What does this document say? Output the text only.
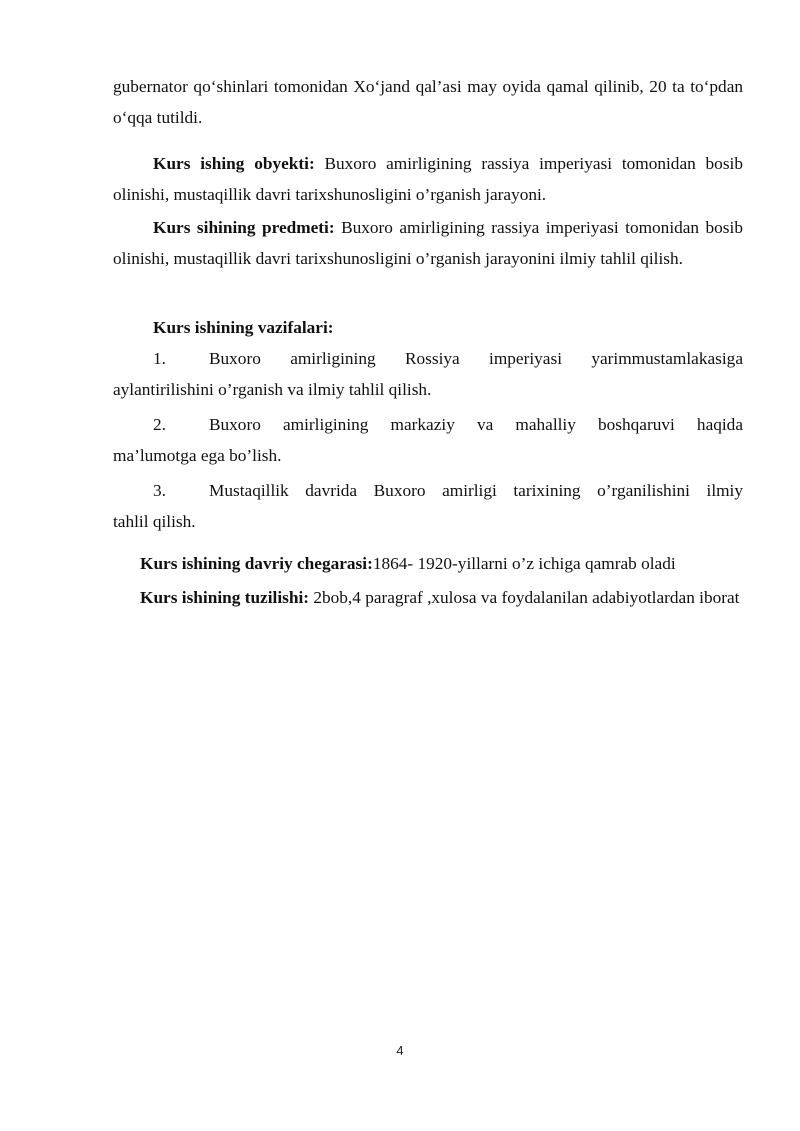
gubernator qo‘shinlari tomonidan Xo‘jand qal’asi may oyida qamal qilinib, 20 ta to‘pdan o‘qqa tutildi.

Kurs ishing obyekti: Buxoro amirligining rassiya imperiyasi tomonidan bosib olinishi, mustaqillik davri tarixshunosligini o’rganish jarayoni.

Kurs sihining predmeti: Buxoro amirligining rassiya imperiyasi tomonidan bosib olinishi, mustaqillik davri tarixshunosligini o’rganish jarayonini ilmiy tahlil qilish.

Kurs ishining vazifalari:

1.	Buxoro amirligining Rossiya imperiyasi yarimmustamlakasiga
aylantirilishini o’rganish va ilmiy tahlil qilish.
2.	Buxoro amirligining markaziy va mahalliy boshqaruvi haqida
ma’lumotga ega bo’lish.
3.	Mustaqillik davrida Buxoro amirligi tarixining o’rganilishini ilmiy
tahlil qilish.

Kurs ishining davriy chegarasi:1864- 1920-yillarni o’z ichiga qamrab oladi

Kurs ishining tuzilishi: 2bob,4 paragraf ,xulosa va foydalanilan adabiyotlardan iborat

4
